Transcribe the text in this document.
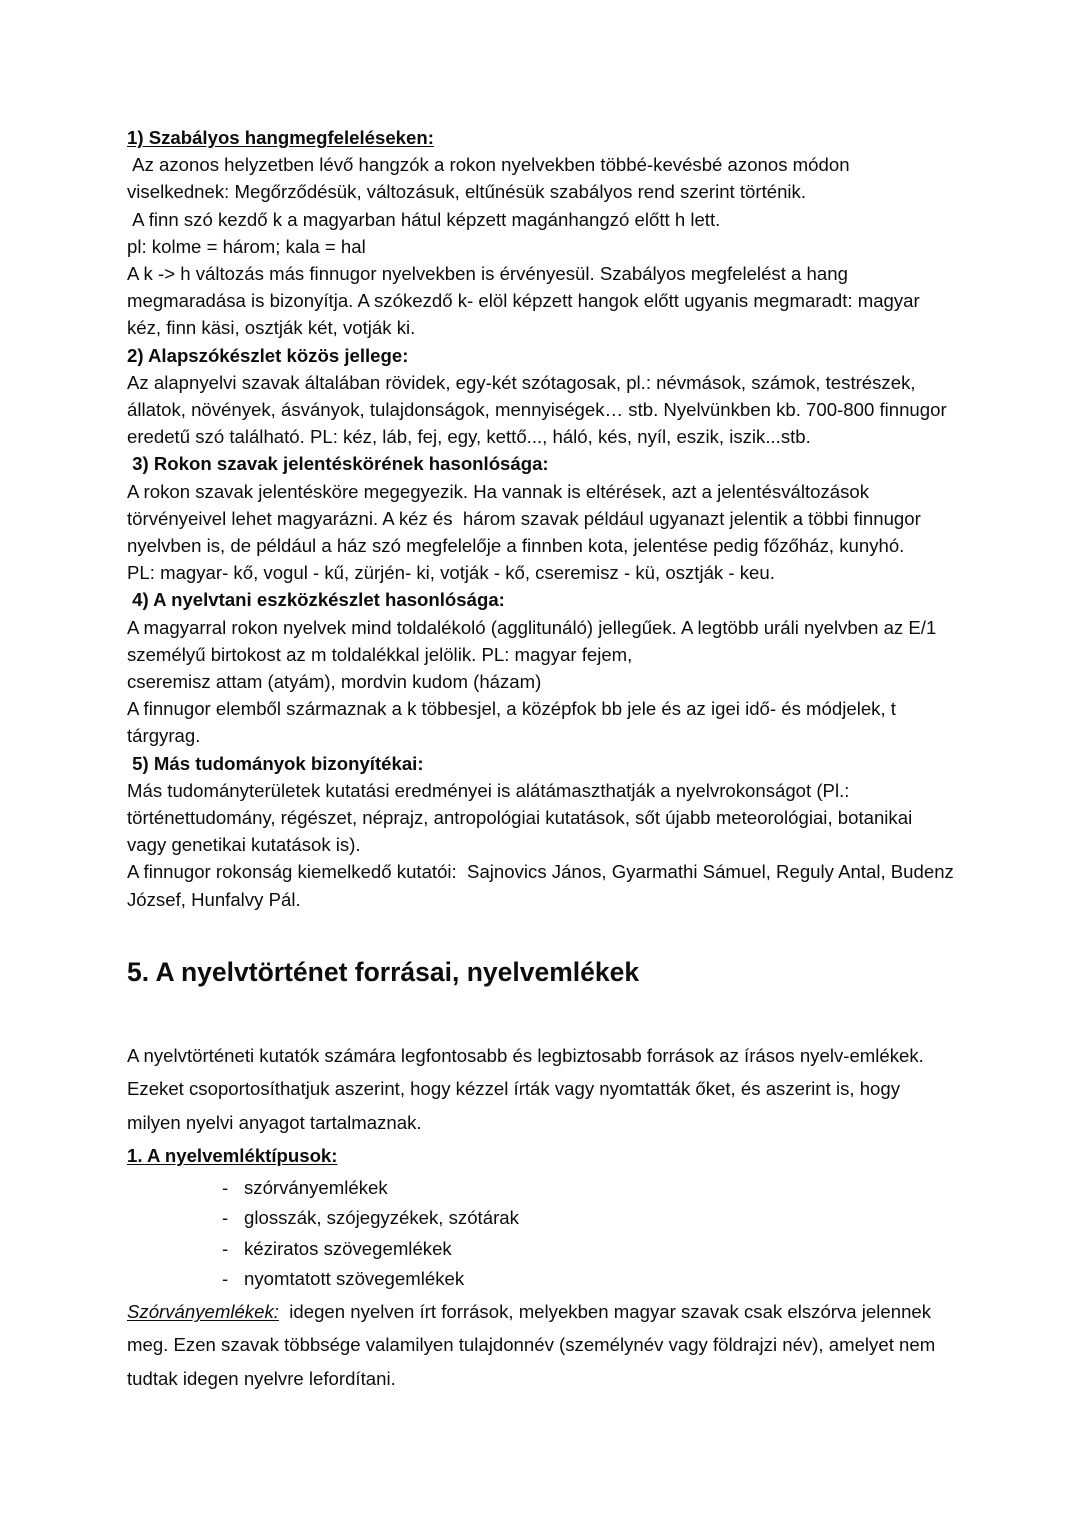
1) Szabályos hangmegfeleléseken:

Az azonos helyzetben lévő hangzók a rokon nyelvekben többé-kevésbé azonos módon viselkednek: Megőrződésük, változásuk, eltűnésük szabályos rend szerint történik.

A finn szó kezdő k a magyarban hátul képzett magánhangzó előtt h lett.

pl: kolme = három; kala = hal

A k -> h változás más finnugor nyelvekben is érvényesül. Szabályos megfelelést a hang megmaradása is bizonyítja. A szókezdő k- elöl képzett hangok előtt ugyanis megmaradt: magyar kéz, finn käsi, osztják két, votják ki.

2) Alapszókészlet közös jellege:

Az alapnyelvi szavak általában rövidek, egy-két szótagosak, pl.: névmások, számok, testrészek, állatok, növények, ásványok, tulajdonságok, mennyiségek… stb. Nyelvünkben kb. 700-800 finnugor eredetű szó található. PL: kéz, láb, fej, egy, kettő..., háló, kés, nyíl, eszik, iszik...stb.

3) Rokon szavak jelentéskörének hasonlósága:

A rokon szavak jelentésköre megegyezik. Ha vannak is eltérések, azt a jelentésváltozások törvényeivel lehet magyarázni. A kéz és  három szavak például ugyanazt jelentik a többi finnugor nyelvben is, de például a ház szó megfelelője a finnben kota, jelentése pedig főzőház, kunyhó.

PL: magyar- kő, vogul - kű, zürjén- ki, votják - kő, cseremisz - kü, osztják - keu.

4) A nyelvtani eszközkészlet hasonlósága:

A magyarral rokon nyelvek mind toldalékoló (agglitunáló) jellegűek. A legtöbb uráli nyelvben az E/1 személyű birtokost az m toldalékkal jelölik. PL: magyar fejem,

cseremisz attam (atyám), mordvin kudom (házam)

A finnugor elemből származnak a k többesjel, a középfok bb jele és az igei idő- és módjelek, t tárgyrag.

5) Más tudományok bizonyítékai:

Más tudományterületek kutatási eredményei is alátámaszthatják a nyelvrokonságot (Pl.: történettudomány, régészet, néprajz, antropológiai kutatások, sőt újabb meteorológiai, botanikai vagy genetikai kutatások is).

A finnugor rokonság kiemelkedő kutatói:  Sajnovics János, Gyarmathi Sámuel, Reguly Antal, Budenz József, Hunfalvy Pál.

5. A nyelvtörténet forrásai, nyelvemlékek

A nyelvtörténeti kutatók számára legfontosabb és legbiztosabb források az írásos nyelv-emlékek. Ezeket csoportosíthatjuk aszerint, hogy kézzel írták vagy nyomtatták őket, és aszerint is, hogy milyen nyelvi anyagot tartalmaznak.

1. A nyelvemléktípusok:

- szórványemlékek
- glosszák, szójegyzékek, szótárak
- kéziratos szövegemlékek
- nyomtatott szövegemlékek

Szórványemlékek:  idegen nyelven írt források, melyekben magyar szavak csak elszórva jelennek meg. Ezen szavak többsége valamilyen tulajdonnév (személynév vagy földrajzi név), amelyet nem tudtak idegen nyelvre lefordítani.
